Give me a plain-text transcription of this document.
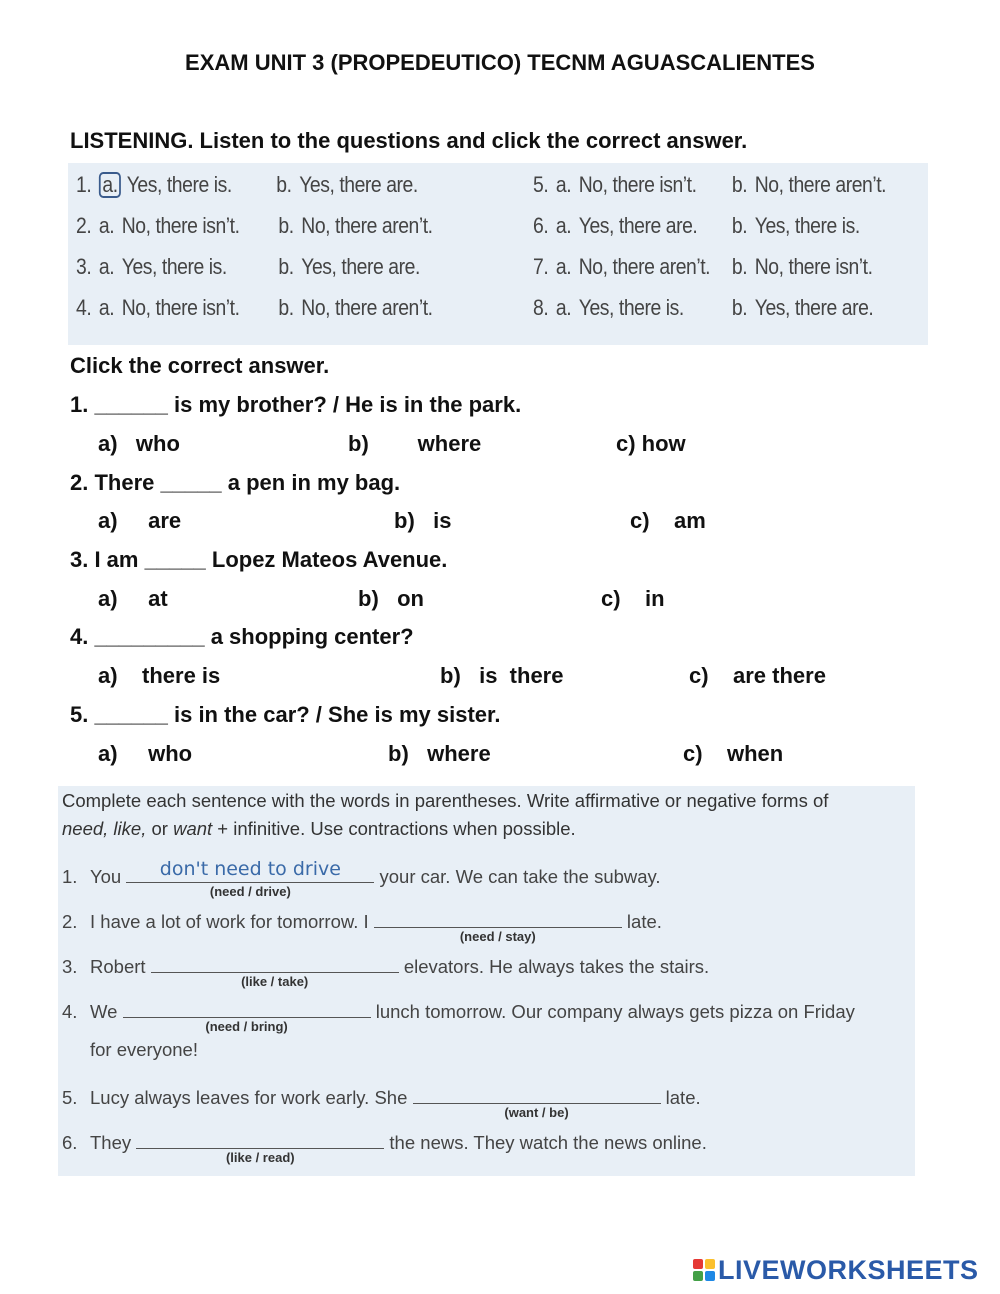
EXAM UNIT 3 (PROPEDEUTICO) TECNM AGUASCALIENTES
LISTENING. Listen to the questions and click the correct answer.
1. a. Yes, there is. b. Yes, there are.
2. a. No, there isn’t. b. No, there aren’t.
3. a. Yes, there is. b. Yes, there are.
4. a. No, there isn’t. b. No, there aren’t.
5. a. No, there isn’t. b. No, there aren’t.
6. a. Yes, there are. b. Yes, there is.
7. a. No, there aren’t. b. No, there isn’t.
8. a. Yes, there is. b. Yes, there are.
Click the correct answer.
1. ______ is my brother? / He is in the park.
a)   who	b)        where	c) how
2. There _____ a pen in my bag.
a)     are	b)   is	c)    am
3. I am _____ Lopez Mateos Avenue.
a)     at	b)   on	c)    in
4. _________ a shopping center?
a)    there is	b)   is  there	c)    are there
5. ______ is in the car? / She is my sister.
a)     who	b)   where	c)    when
Complete each sentence with the words in parentheses. Write affirmative or negative forms of
need, like, or want + infinitive. Use contractions when possible.
1. You	don't need to drive
(need / drive)
your car. We can take the subway.
2. I have a lot of work for tomorrow. I
(need / stay)
late.
3. Robert
(like / take)
elevators. He always takes the stairs.
4. We
(need / bring)
lunch tomorrow. Our company always gets pizza on Friday
for everyone!
5. Lucy always leaves for work early. She
(want / be)
late.
6. They
(like / read)
the news. They watch the news online.
LIVEWORKSHEETS
